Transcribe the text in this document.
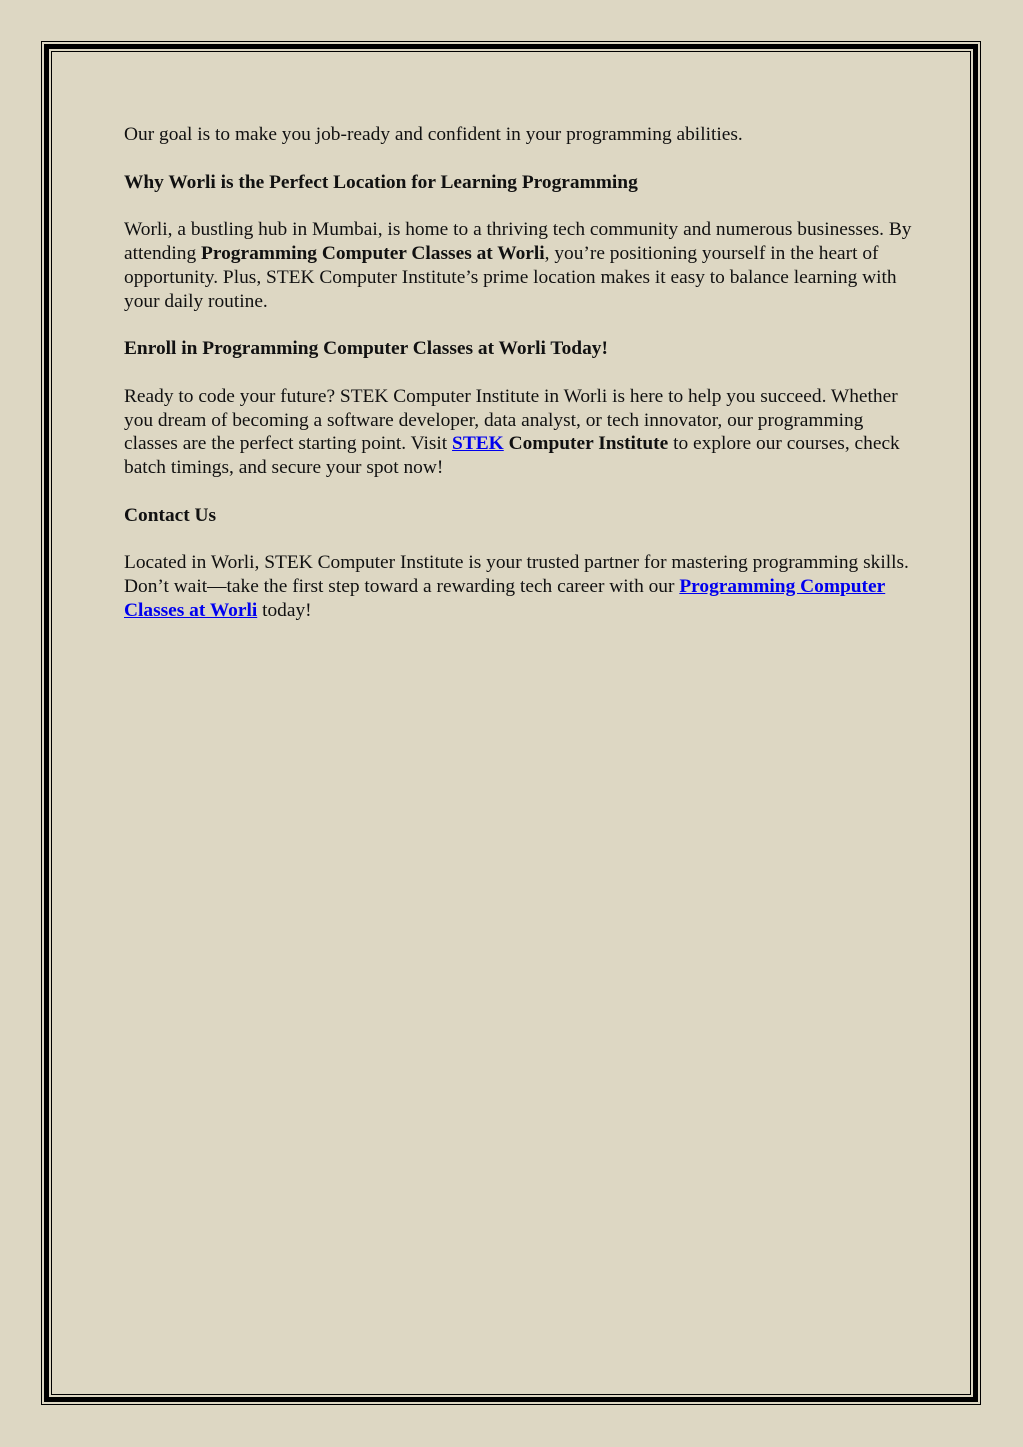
Our goal is to make you job-ready and confident in your programming abilities.

Why Worli is the Perfect Location for Learning Programming

Worli, a bustling hub in Mumbai, is home to a thriving tech community and numerous businesses. By attending Programming Computer Classes at Worli, you’re positioning yourself in the heart of opportunity. Plus, STEK Computer Institute’s prime location makes it easy to balance learning with your daily routine.

Enroll in Programming Computer Classes at Worli Today!

Ready to code your future? STEK Computer Institute in Worli is here to help you succeed. Whether you dream of becoming a software developer, data analyst, or tech innovator, our programming classes are the perfect starting point. Visit STEK Computer Institute to explore our courses, check batch timings, and secure your spot now!

Contact Us

Located in Worli, STEK Computer Institute is your trusted partner for mastering programming skills. Don’t wait—take the first step toward a rewarding tech career with our Programming Computer Classes at Worli today!
